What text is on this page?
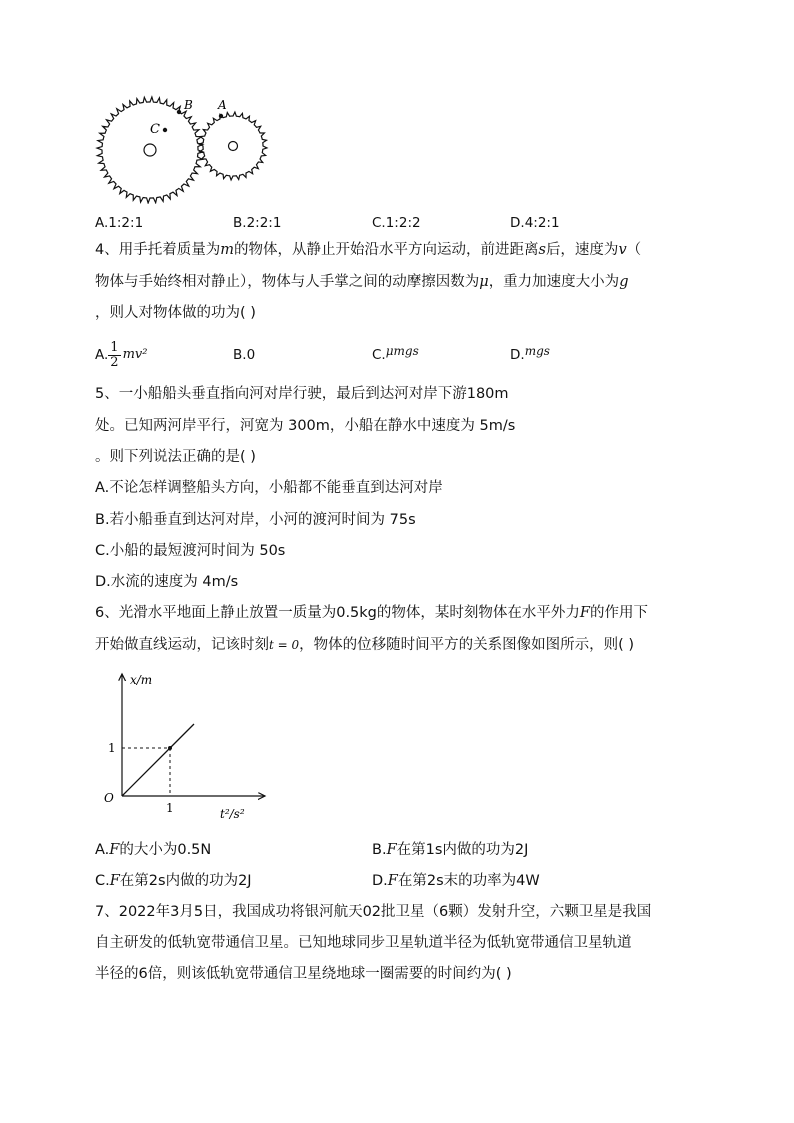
C
B A
A.1:2:1	B.2:2:1	C.1:2:2	D.4:2:1
4、用手托着质量为m的物体，从静止开始沿水平方向运动，前进距离s后，速度为v（
物体与手始终相对静止），物体与人手掌之间的动摩擦因数为μ，重力加速度大小为g
，则人对物体做的功为( )
A. $\frac{1}{2} mv^2$	B.0	C.μmgs	D.mgs
5、一小船船头垂直指向河对岸行驶，最后到达河对岸下游180m
处。已知两河岸平行，河宽为 300m，小船在静水中速度为 5m/s
。则下列说法正确的是( )
A.不论怎样调整船头方向，小船都不能垂直到达河对岸
B.若小船垂直到达河对岸，小河的渡河时间为 75s
C.小船的最短渡河时间为 50s
D.水流的速度为 4m/s
6、光滑水平地面上静止放置一质量为0.5kg的物体，某时刻物体在水平外力F的作用下
开始做直线运动，记该时刻t = 0，物体的位移随时间平方的关系图像如图所示，则( )
1
1
O
x/m
t²/s²
A.F的大小为0.5N	B.F在第1s内做的功为2J
C.F在第2s内做的功为2J	D.F在第2s末的功率为4W
7、2022年3月5日，我国成功将银河航天02批卫星（6颗）发射升空，六颗卫星是我国
自主研发的低轨宽带通信卫星。已知地球同步卫星轨道半径为低轨宽带通信卫星轨道
半径的6倍，则该低轨宽带通信卫星绕地球一圈需要的时间约为( )
